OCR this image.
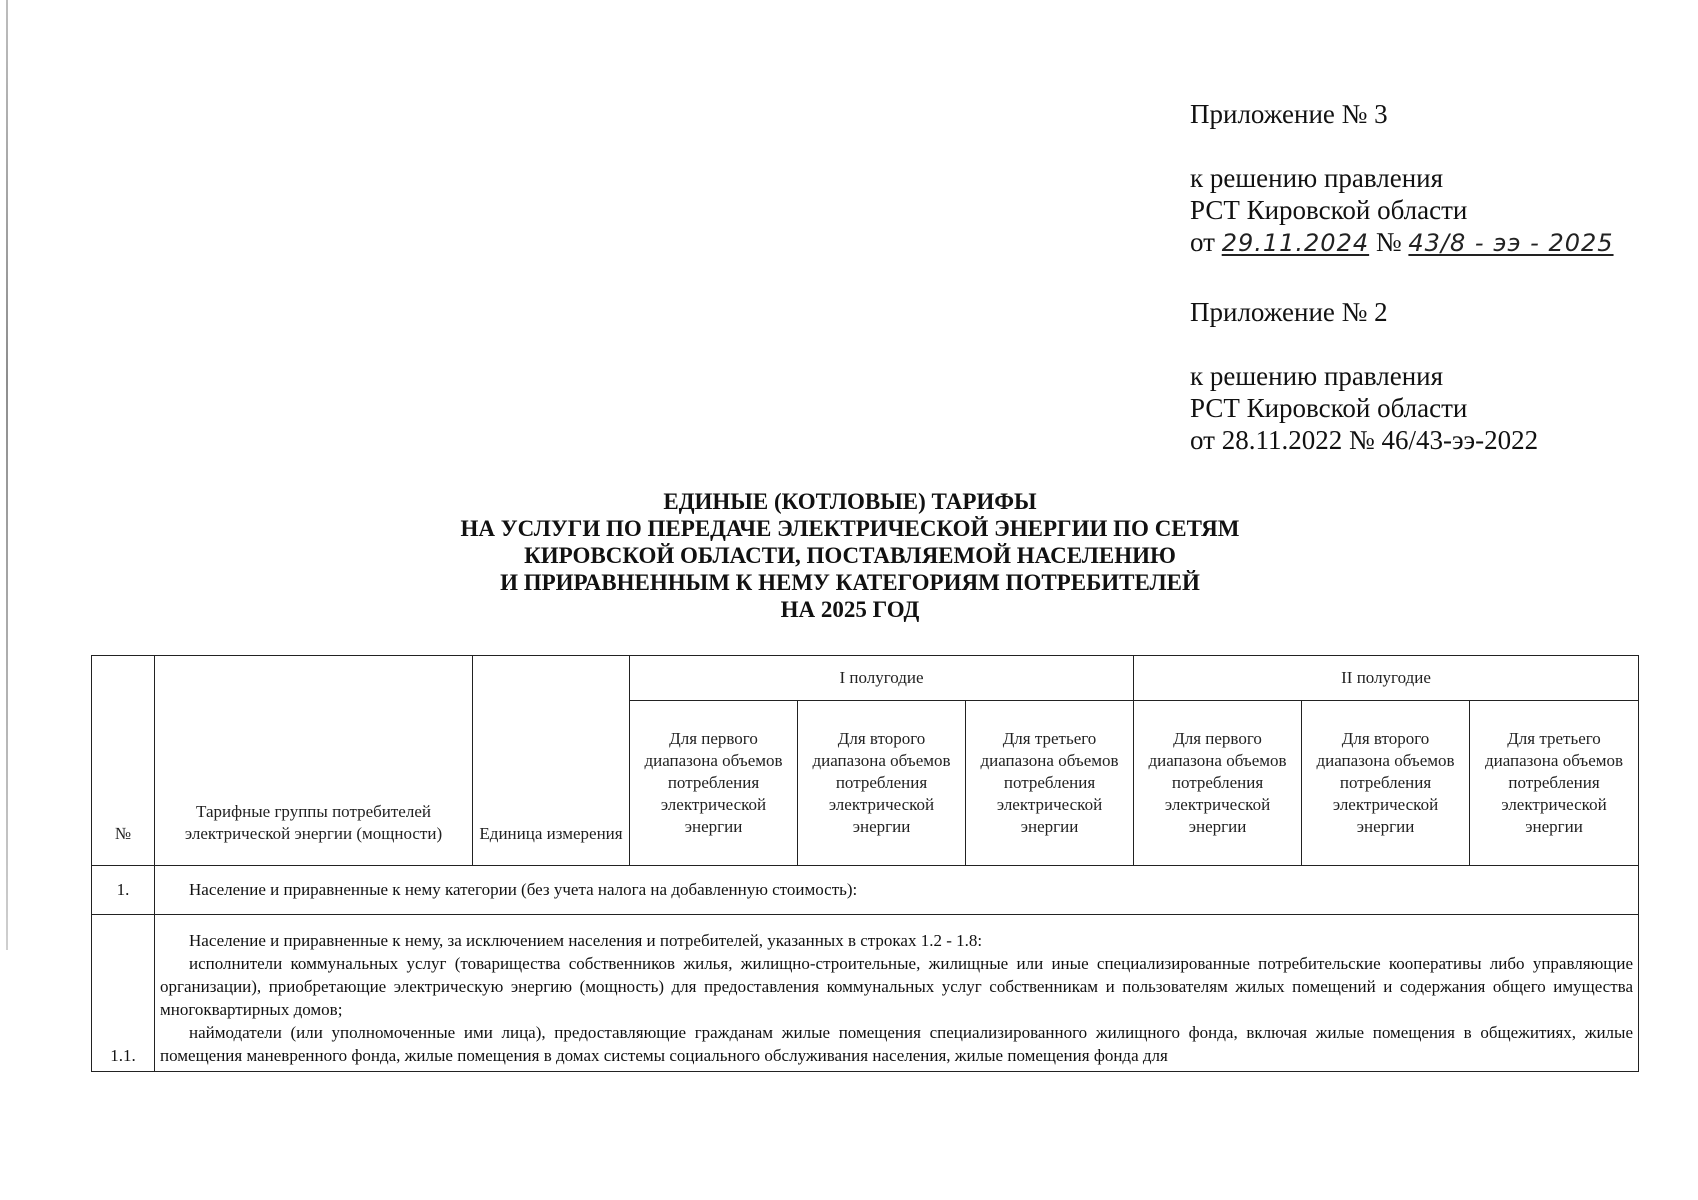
Приложение № 3
к решению правления
РСТ Кировской области
от 29.11.2024 № 43/8 - ээ - 2025
Приложение № 2
к решению правления
РСТ Кировской области
от 28.11.2022 № 46/43-ээ-2022
ЕДИНЫЕ (КОТЛОВЫЕ) ТАРИФЫ
НА УСЛУГИ ПО ПЕРЕДАЧЕ ЭЛЕКТРИЧЕСКОЙ ЭНЕРГИИ ПО СЕТЯМ
КИРОВСКОЙ ОБЛАСТИ, ПОСТАВЛЯЕМОЙ НАСЕЛЕНИЮ
И ПРИРАВНЕННЫМ К НЕМУ КАТЕГОРИЯМ ПОТРЕБИТЕЛЕЙ
НА 2025 ГОД
№	Тарифные группы потребителей электрической энергии (мощности)	Единица измерения	I полугодие			II полугодие		
			Для первого диапазона объемов потребления электрической энергии	Для второго диапазона объемов потребления электрической энергии	Для третьего диапазона объемов потребления электрической энергии	Для первого диапазона объемов потребления электрической энергии	Для второго диапазона объемов потребления электрической энергии	Для третьего диапазона объемов потребления электрической энергии
1.	Население и приравненные к нему категории (без учета налога на добавленную стоимость):							
1.1.	Население и приравненные к нему, за исключением населения и потребителей, указанных в строках 1.2 - 1.8:
исполнители коммунальных услуг (товарищества собственников жилья, жилищно-строительные, жилищные или иные специализированные потребительские кооперативы либо управляющие организации), приобретающие электрическую энергию (мощность) для предоставления коммунальных услуг собственникам и пользователям жилых помещений и содержания общего имущества многоквартирных домов;
наймодатели (или уполномоченные ими лица), предоставляющие гражданам жилые помещения специализированного жилищного фонда, включая жилые помещения в общежитиях, жилые помещения маневренного фонда, жилые помещения в домах системы социального обслуживания населения, жилые помещения фонда для							
